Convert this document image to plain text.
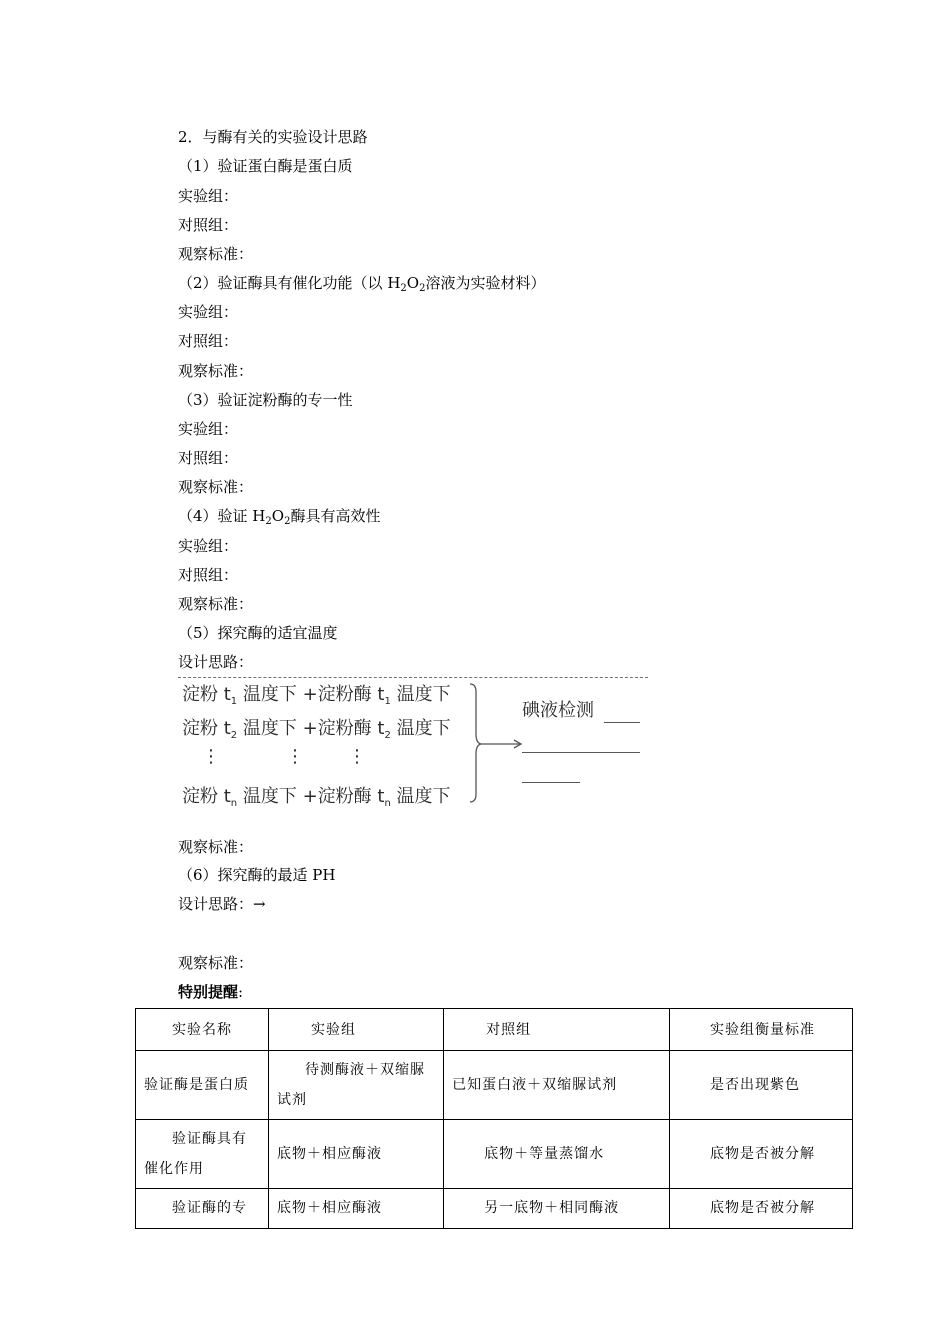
2．与酶有关的实验设计思路
（1）验证蛋白酶是蛋白质
实验组：
对照组：
观察标准：
（2）验证酶具有催化功能（以 $H_2O_2$溶液为实验材料）
实验组：
对照组：
观察标准：
（3）验证淀粉酶的专一性
实验组：
对照组：
观察标准：
（4）验证 $H_2O_2$酶具有高效性
实验组：
对照组：
观察标准：
（5）探究酶的适宜温度
设计思路：
淀粉 $t_1$ 温度下 +淀粉酶 $t_1$ 温度下
淀粉 $t_2$ 温度下 +淀粉酶 $t_2$ 温度下
⋮	⋮ ⋮
淀粉 $t_n$ 温度下 +淀粉酶 $t_n$ 温度下
碘液检测
观察标准：
（6）探究酶的最适 PH
设计思路：→
观察标准：
特别提醒:
实验名称	实验组	对照组	实验组衡量标准
验证酶是蛋白质	待测酶液＋双缩脲试剂	已知蛋白液＋双缩脲试剂	是否出现紫色
验证酶具有催化作用	底物＋相应酶液	底物＋等量蒸馏水	底物是否被分解
验证酶的专	底物＋相应酶液	另一底物＋相同酶液	底物是否被分解
